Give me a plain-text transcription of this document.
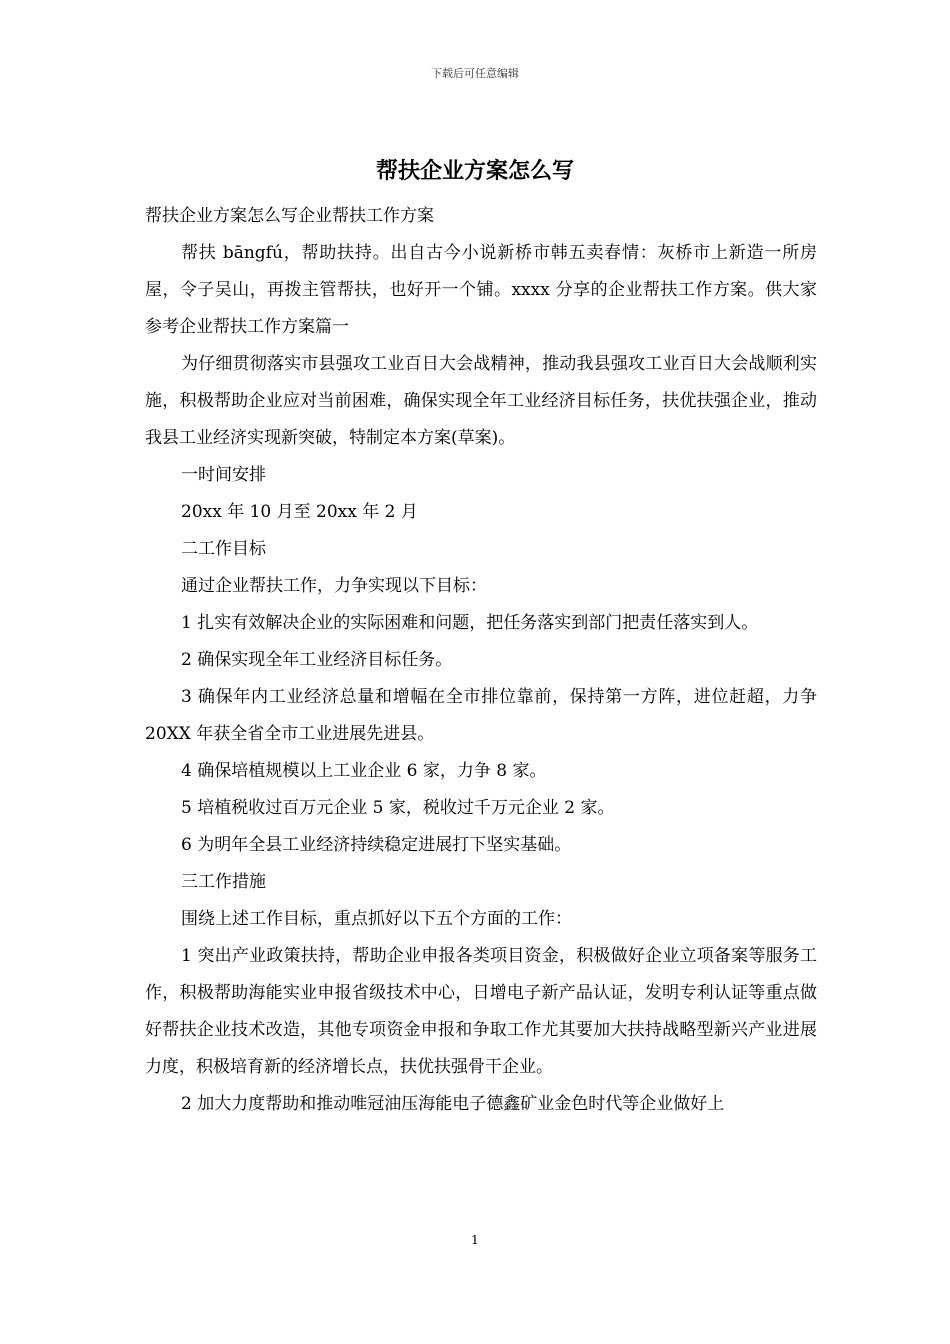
下载后可任意编辑
帮扶企业方案怎么写

帮扶企业方案怎么写企业帮扶工作方案

帮扶 bāngfú，帮助扶持。出自古今小说新桥市韩五卖春情：灰桥市上新造一所房屋，令子吴山，再拨主管帮扶，也好开一个铺。xxxx 分享的企业帮扶工作方案。供大家参考企业帮扶工作方案篇一

为仔细贯彻落实市县强攻工业百日大会战精神，推动我县强攻工业百日大会战顺利实施，积极帮助企业应对当前困难，确保实现全年工业经济目标任务，扶优扶强企业，推动我县工业经济实现新突破，特制定本方案(草案)。

一时间安排

20xx 年 10 月至 20xx 年 2 月

二工作目标

通过企业帮扶工作，力争实现以下目标：

1 扎实有效解决企业的实际困难和问题，把任务落实到部门把责任落实到人。

2 确保实现全年工业经济目标任务。

3 确保年内工业经济总量和增幅在全市排位靠前，保持第一方阵，进位赶超，力争 20XX 年获全省全市工业进展先进县。

4 确保培植规模以上工业企业 6 家，力争 8 家。

5 培植税收过百万元企业 5 家，税收过千万元企业 2 家。

6 为明年全县工业经济持续稳定进展打下坚实基础。

三工作措施

围绕上述工作目标，重点抓好以下五个方面的工作：

1 突出产业政策扶持，帮助企业申报各类项目资金，积极做好企业立项备案等服务工作，积极帮助海能实业申报省级技术中心，日增电子新产品认证，发明专利认证等重点做好帮扶企业技术改造，其他专项资金申报和争取工作尤其要加大扶持战略型新兴产业进展力度，积极培育新的经济增长点，扶优扶强骨干企业。

2 加大力度帮助和推动唯冠油压海能电子德鑫矿业金色时代等企业做好上

1
